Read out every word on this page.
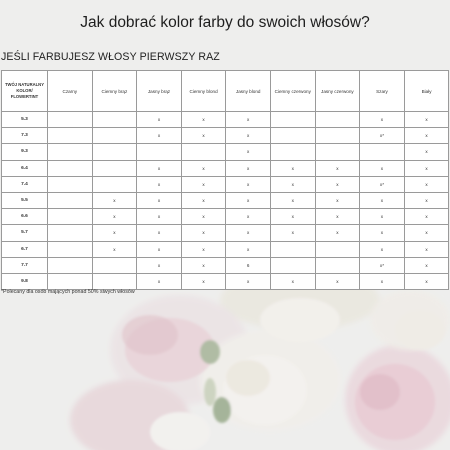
Jak dobrać kolor farby do swoich włosów?
JEŚLI FARBUJESZ WŁOSY PIERWSZY RAZ
TWÓJ NATURALNY
KOLOR/
FLOWERTINT	Czarny	Ciemny brąz	Jasny brąz	Ciemny blond	Jasny blond	Ciemny czerwony	Jasny czerwony	Szary	Biały
5.3			x	x	x			x	x
7.3			x	x	x			x*	x
9.3					x				x
6.4			x	x	x	x	x	x	x
7.4			x	x	x	x	x	x*	x
5.5		x	x	x	x	x	x	x	x
6.6		x	x	x	x	x	x	x	x
5.7		x	x	x	x	x	x	x	x
6.7		x	x	x	x			x	x
7.7			x	x	6			x*	x
9.8			x	x	x	x	x	x	x

*Polecany dla osób mających ponad 50% siwych włosów
